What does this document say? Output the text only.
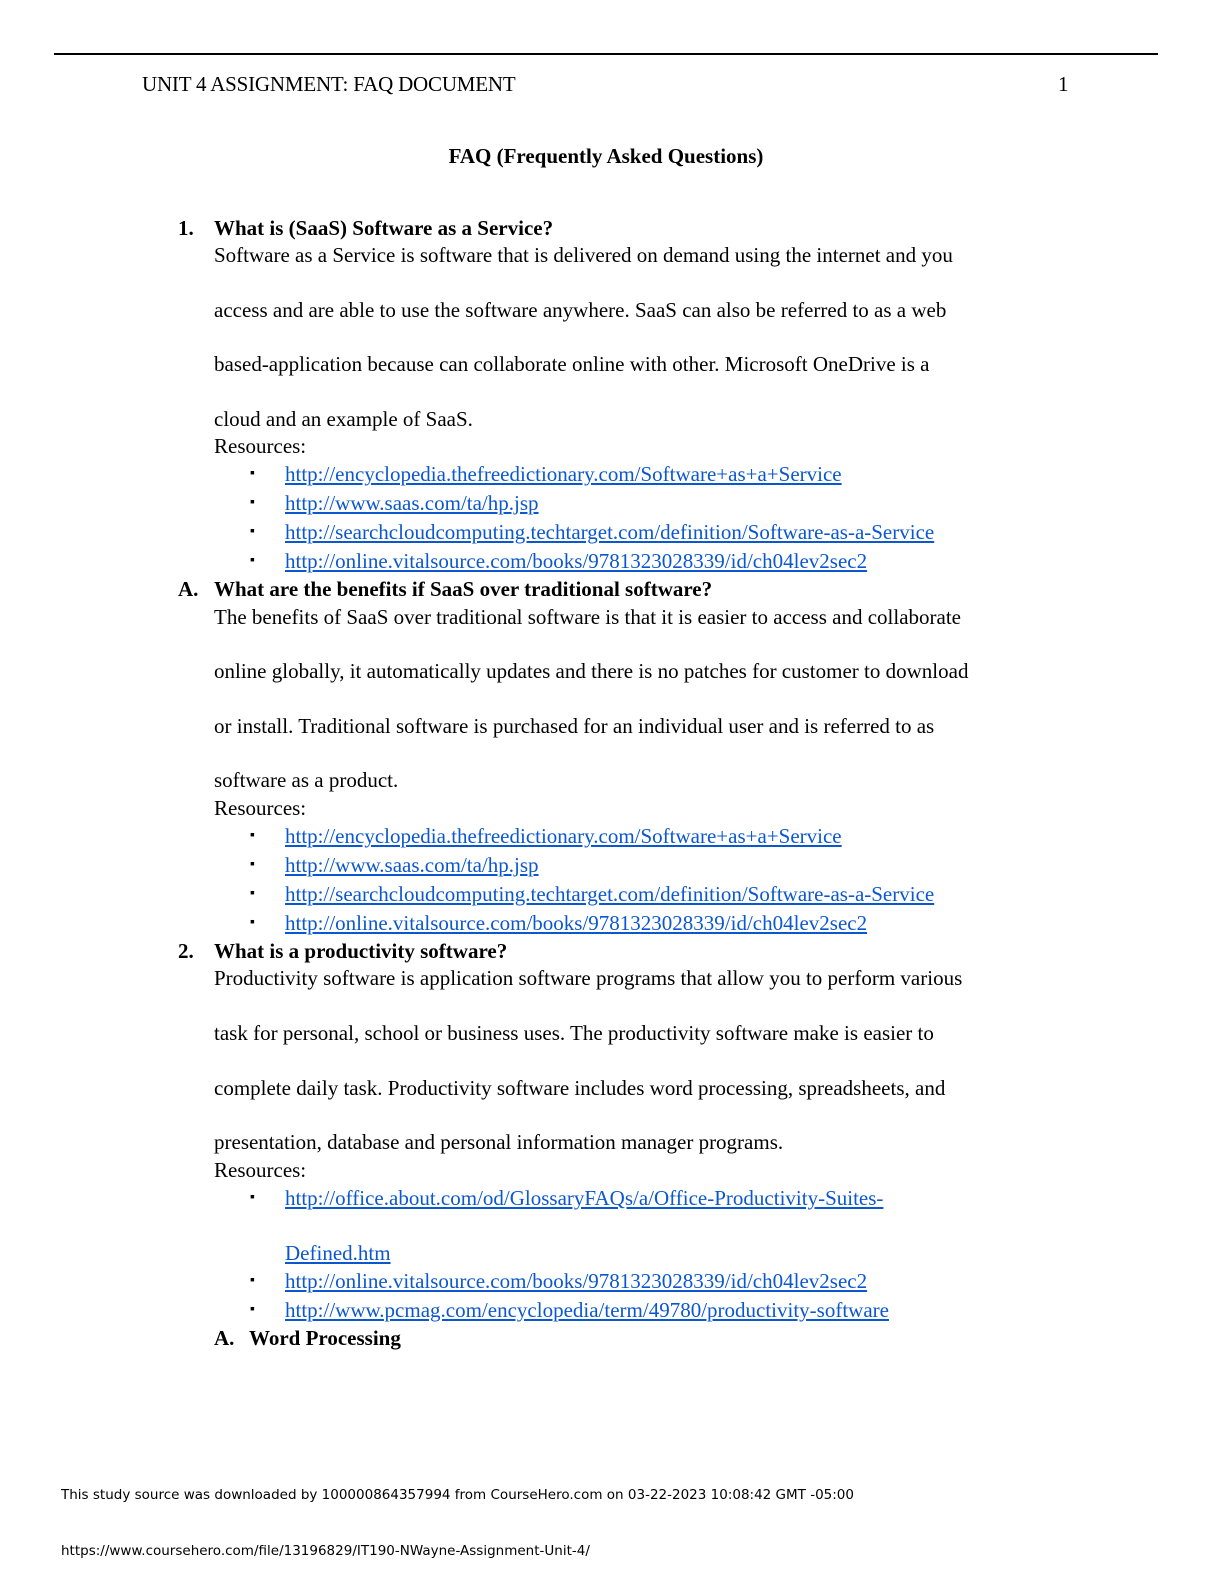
UNIT 4 ASSIGNMENT: FAQ DOCUMENT	1
FAQ (Frequently Asked Questions)
1. What is (SaaS) Software as a Service?
Software as a Service is software that is delivered on demand using the internet and you
access and are able to use the software anywhere. SaaS can also be referred to as a web
based-application because can collaborate online with other. Microsoft OneDrive is a
cloud and an example of SaaS.
Resources:
▪ http://encyclopedia.thefreedictionary.com/Software+as+a+Service
▪ http://www.saas.com/ta/hp.jsp
▪ http://searchcloudcomputing.techtarget.com/definition/Software-as-a-Service
▪ http://online.vitalsource.com/books/9781323028339/id/ch04lev2sec2
A. What are the benefits if SaaS over traditional software?
The benefits of SaaS over traditional software is that it is easier to access and collaborate
online globally, it automatically updates and there is no patches for customer to download
or install. Traditional software is purchased for an individual user and is referred to as
software as a product.
Resources:
▪ http://encyclopedia.thefreedictionary.com/Software+as+a+Service
▪ http://www.saas.com/ta/hp.jsp
▪ http://searchcloudcomputing.techtarget.com/definition/Software-as-a-Service
▪ http://online.vitalsource.com/books/9781323028339/id/ch04lev2sec2
2. What is a productivity software?
Productivity software is application software programs that allow you to perform various
task for personal, school or business uses. The productivity software make is easier to
complete daily task. Productivity software includes word processing, spreadsheets, and
presentation, database and personal information manager programs.
Resources:
▪ http://office.about.com/od/GlossaryFAQs/a/Office-Productivity-Suites-
Defined.htm
▪ http://online.vitalsource.com/books/9781323028339/id/ch04lev2sec2
▪ http://www.pcmag.com/encyclopedia/term/49780/productivity-software
A. Word Processing
This study source was downloaded by 100000864357994 from CourseHero.com on 03-22-2023 10:08:42 GMT -05:00
https://www.coursehero.com/file/13196829/IT190-NWayne-Assignment-Unit-4/
